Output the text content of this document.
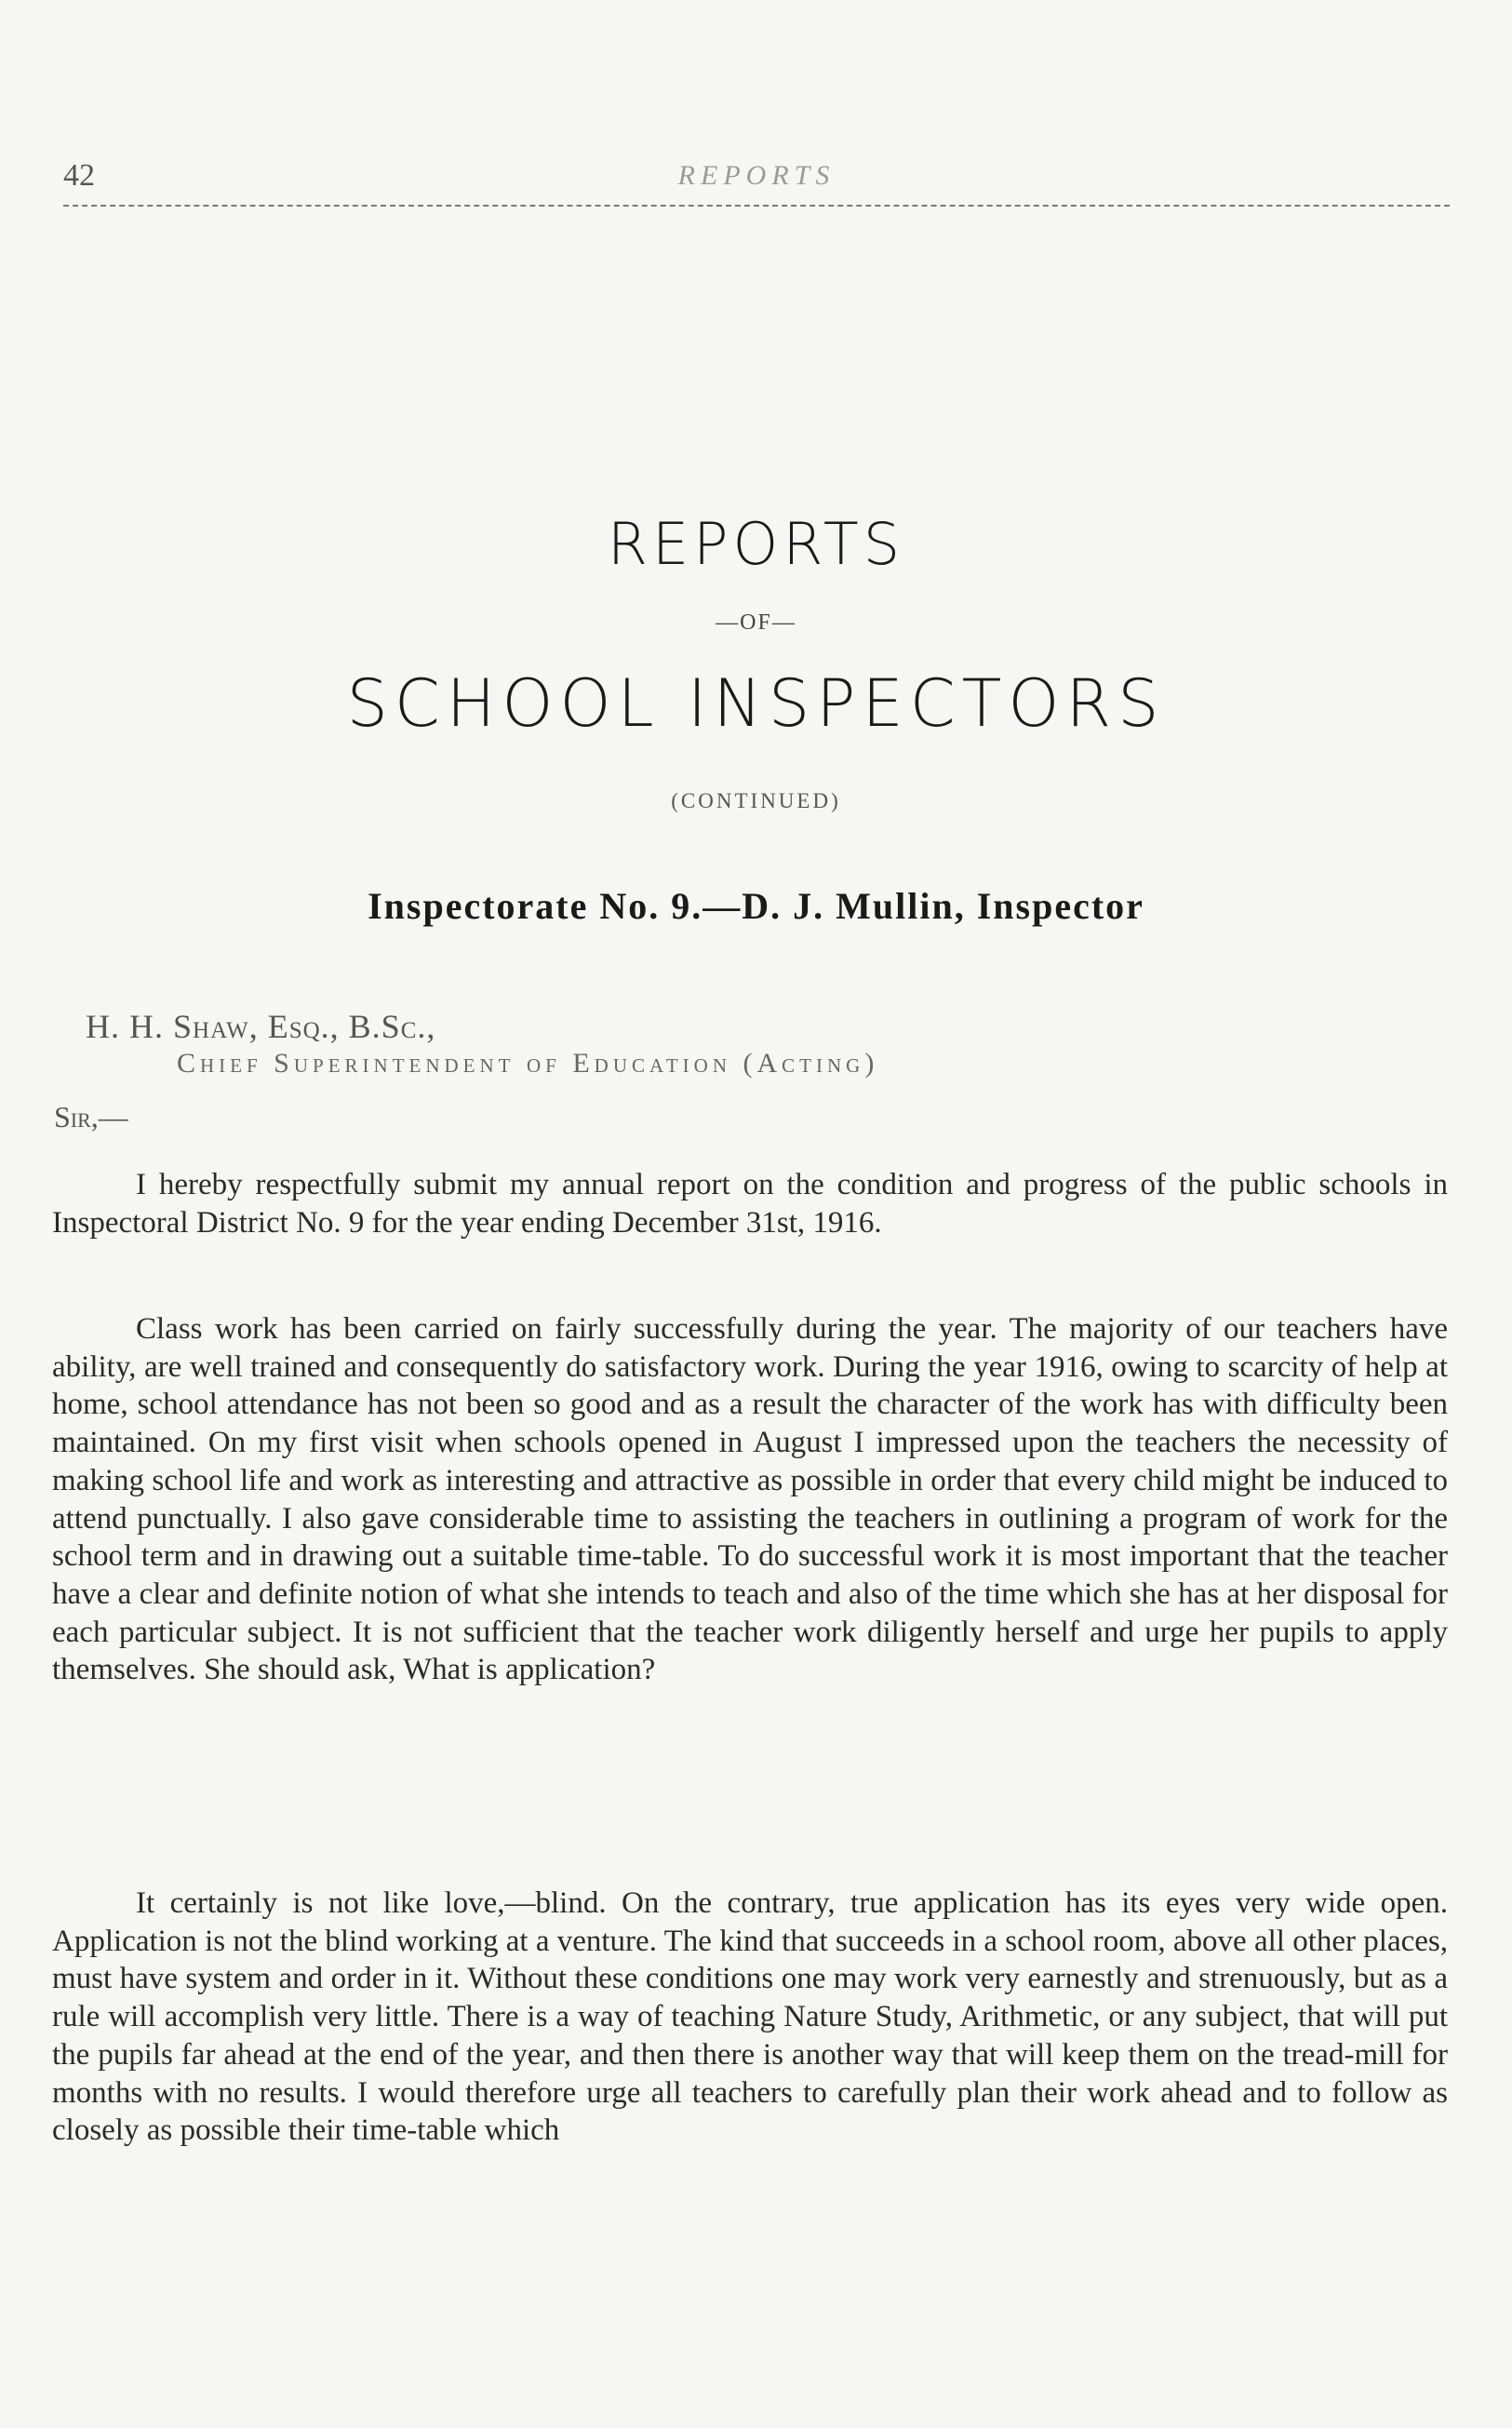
42	REPORTS
REPORTS
—OF—
SCHOOL INSPECTORS
(CONTINUED)
Inspectorate No. 9.—D. J. Mullin, Inspector
H. H. Shaw, Esq., B.Sc.,
Chief Superintendent of Education (Acting)
Sir,—

I hereby respectfully submit my annual report on the condition and progress of the public schools in Inspectoral District No. 9 for the year ending December 31st, 1916.

Class work has been carried on fairly successfully during the year. The majority of our teachers have ability, are well trained and consequently do satisfactory work. During the year 1916, owing to scarcity of help at home, school attendance has not been so good and as a result the character of the work has with difficulty been maintained. On my first visit when schools opened in August I impressed upon the teachers the necessity of making school life and work as interesting and attractive as possible in order that every child might be induced to attend punctually. I also gave considerable time to assisting the teachers in outlining a program of work for the school term and in drawing out a suitable time-table. To do successful work it is most important that the teacher have a clear and definite notion of what she intends to teach and also of the time which she has at her disposal for each particular subject. It is not sufficient that the teacher work diligently herself and urge her pupils to apply themselves. She should ask, What is application?

It certainly is not like love,—blind. On the contrary, true application has its eyes very wide open. Application is not the blind working at a venture. The kind that succeeds in a school room, above all other places, must have system and order in it. Without these conditions one may work very earnestly and strenuously, but as a rule will accomplish very little. There is a way of teaching Nature Study, Arithmetic, or any subject, that will put the pupils far ahead at the end of the year, and then there is another way that will keep them on the tread-mill for months with no results. I would therefore urge all teachers to carefully plan their work ahead and to follow as closely as possible their time-table which
